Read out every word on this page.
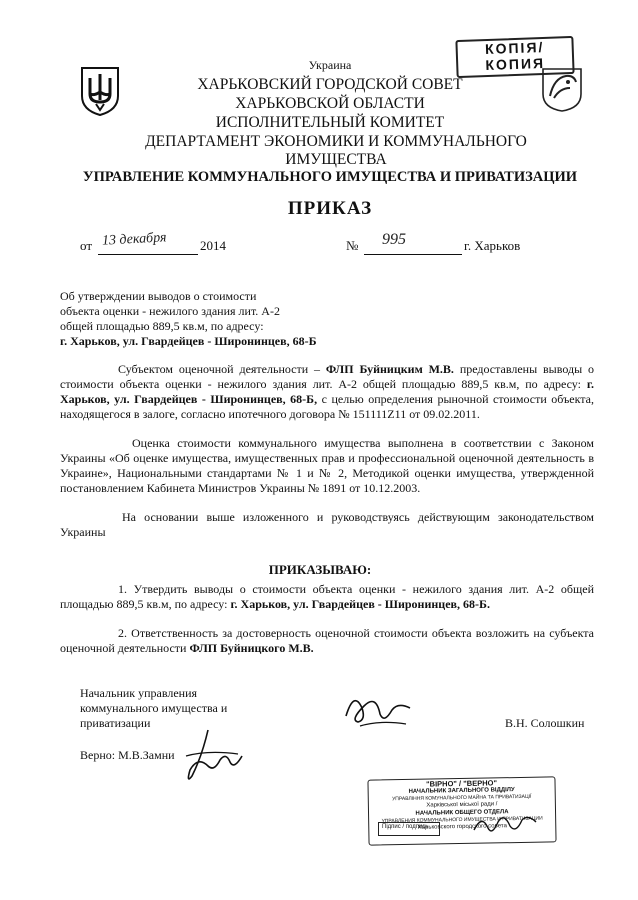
КОПІЯ/
КОПИЯ
Украина
ХАРЬКОВСКИЙ ГОРОДСКОЙ СОВЕТ
ХАРЬКОВСКОЙ ОБЛАСТИ
ИСПОЛНИТЕЛЬНЫЙ КОМИТЕТ
ДЕПАРТАМЕНТ ЭКОНОМИКИ И КОММУНАЛЬНОГО ИМУЩЕСТВА
УПРАВЛЕНИЕ КОММУНАЛЬНОГО ИМУЩЕСТВА И ПРИВАТИЗАЦИИ
ПРИКАЗ
от 13 декабря	2014	№ 995	г. Харьков
Об утверждении выводов о стоимости
объекта оценки - нежилого здания лит. А-2
общей площадью 889,5 кв.м, по адресу:
г. Харьков, ул. Гвардейцев - Широнинцев, 68-Б
Субъектом оценочной деятельности – ФЛП Буйницким М.В. предоставлены выводы о стоимости объекта оценки - нежилого здания лит. А-2 общей площадью 889,5 кв.м, по адресу: г. Харьков, ул. Гвардейцев - Широнинцев, 68-Б, с целью определения рыночной стоимости объекта, находящегося в залоге, согласно ипотечного договора № 151111Z11 от 09.02.2011.
Оценка стоимости коммунального имущества выполнена в соответствии с Законом Украины «Об оценке имущества, имущественных прав и профессиональной оценочной деятельность в Украине», Национальными стандартами № 1 и № 2, Методикой оценки имущества, утвержденной постановлением Кабинета Министров Украины № 1891 от 10.12.2003.
На основании выше изложенного и руководствуясь действующим законодательством Украины
ПРИКАЗЫВАЮ:
1. Утвердить выводы о стоимости объекта оценки - нежилого здания лит. А-2 общей площадью 889,5 кв.м, по адресу: г. Харьков, ул. Гвардейцев - Широнинцев, 68-Б.
2. Ответственность за достоверность оценочной стоимости объекта возложить на субъекта оценочной деятельности ФЛП Буйницкого М.В.
Начальник управления
коммунального имущества и
приватизации	В.Н. Солошкин
Верно: М.В.Замни
"ВІРНО" / "ВЕРНО"
НАЧАЛЬНИК ЗАГАЛЬНОГО ВІДДІЛУ
УПРАВЛІННЯ КОМУНАЛЬНОГО МАЙНА ТА ПРИВАТИЗАЦІЇ
Харківської міської ради /
НАЧАЛЬНИК ОБЩЕГО ОТДЕЛА
УПРАВЛЕНИЯ КОММУНАЛЬНОГО ИМУЩЕСТВА И ПРИВАТИЗАЦИИ
Харьковского городского совета
Підпис / подпись
